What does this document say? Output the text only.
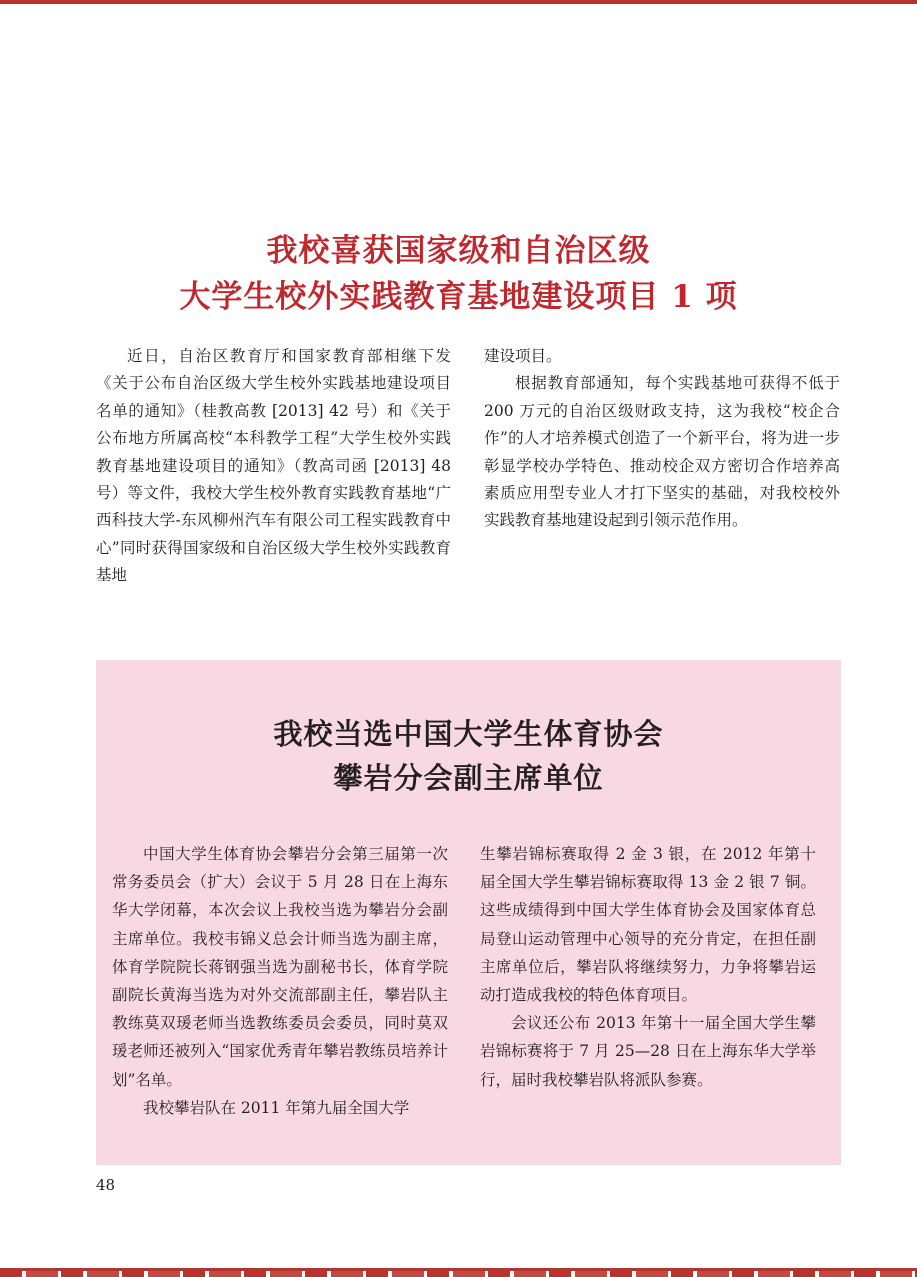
我校喜获国家级和自治区级
大学生校外实践教育基地建设项目 1 项

近日，自治区教育厅和国家教育部相继下发《关于公布自治区级大学生校外实践基地建设项目名单的通知》（桂教高教 [2013] 42 号）和《关于公布地方所属高校“本科教学工程”大学生校外实践教育基地建设项目的通知》（教高司函 [2013] 48 号）等文件，我校大学生校外教育实践教育基地“广西科技大学-东风柳州汽车有限公司工程实践教育中心”同时获得国家级和自治区级大学生校外实践教育基地

建设项目。

根据教育部通知，每个实践基地可获得不低于 200 万元的自治区级财政支持，这为我校“校企合作”的人才培养模式创造了一个新平台，将为进一步彰显学校办学特色、推动校企双方密切合作培养高素质应用型专业人才打下坚实的基础，对我校校外实践教育基地建设起到引领示范作用。

我校当选中国大学生体育协会
攀岩分会副主席单位

中国大学生体育协会攀岩分会第三届第一次常务委员会（扩大）会议于 5 月 28 日在上海东华大学闭幕，本次会议上我校当选为攀岩分会副主席单位。我校韦锦义总会计师当选为副主席，体育学院院长蒋钢强当选为副秘书长，体育学院副院长黄海当选为对外交流部副主任，攀岩队主教练莫双瑗老师当选教练委员会委员，同时莫双瑗老师还被列入“国家优秀青年攀岩教练员培养计划”名单。

我校攀岩队在 2011 年第九届全国大学

生攀岩锦标赛取得 2 金 3 银，在 2012 年第十届全国大学生攀岩锦标赛取得 13 金 2 银 7 铜。这些成绩得到中国大学生体育协会及国家体育总局登山运动管理中心领导的充分肯定，在担任副主席单位后，攀岩队将继续努力，力争将攀岩运动打造成我校的特色体育项目。

会议还公布 2013 年第十一届全国大学生攀岩锦标赛将于 7 月 25—28 日在上海东华大学举行，届时我校攀岩队将派队参赛。

48
